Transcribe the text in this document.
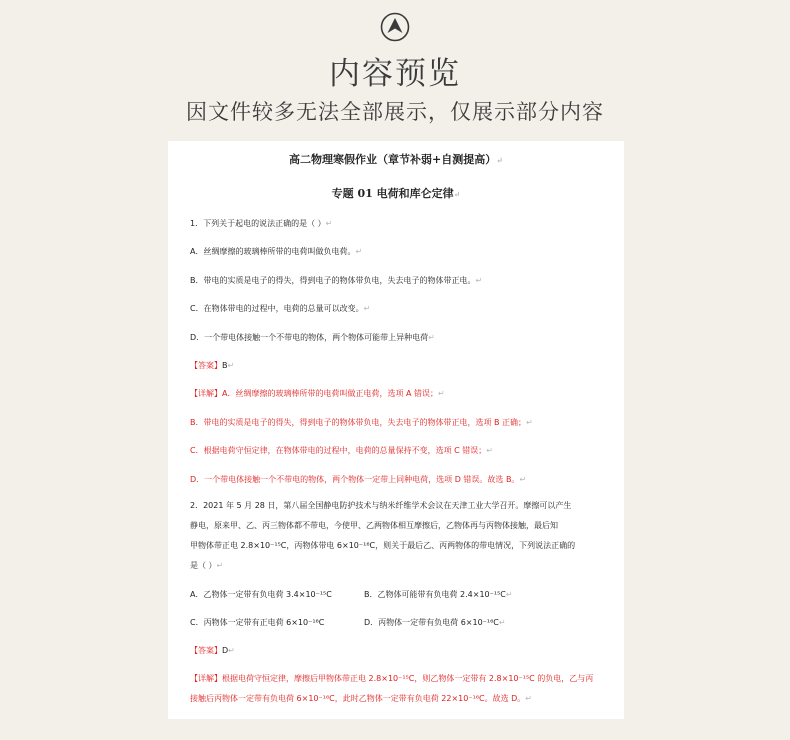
内容预览
因文件较多无法全部展示，仅展示部分内容
高二物理寒假作业（章节补弱+自测提高）↵
专题 01 电荷和库仑定律↵
1．下列关于起电的说法正确的是（ ）↵
A．丝绸摩擦的玻璃棒所带的电荷叫做负电荷。↵
B．带电的实质是电子的得失，得到电子的物体带负电，失去电子的物体带正电。↵
C．在物体带电的过程中，电荷的总量可以改变。↵
D．一个带电体接触一个不带电的物体，两个物体可能带上异种电荷↵
【答案】B↵
【详解】A．丝绸摩擦的玻璃棒所带的电荷叫做正电荷，选项 A 错误；↵
B．带电的实质是电子的得失，得到电子的物体带负电，失去电子的物体带正电，选项 B 正确；↵
C．根据电荷守恒定律，在物体带电的过程中，电荷的总量保持不变，选项 C 错误；↵
D．一个带电体接触一个不带电的物体，两个物体一定带上同种电荷，选项 D 错误。故选 B。↵
2．2021 年 5 月 28 日，第八届全国静电防护技术与纳米纤维学术会议在天津工业大学召开。摩擦可以产生
静电，原来甲、乙、丙三物体都不带电，今使甲、乙两物体相互摩擦后，乙物体再与丙物体接触，最后知
甲物体带正电 2.8×10⁻¹⁵C，丙物体带电 6×10⁻¹⁶C，则关于最后乙、丙两物体的带电情况，下列说法正确的
是（ ）↵
A．乙物体一定带有负电荷 3.4×10⁻¹⁵C	B．乙物体可能带有负电荷 2.4×10⁻¹⁵C↵
C．丙物体一定带有正电荷 6×10⁻¹⁶C	D．丙物体一定带有负电荷 6×10⁻¹⁶C↵
【答案】D↵
【详解】根据电荷守恒定律，摩擦后甲物体带正电 2.8×10⁻¹⁵C，则乙物体一定带有 2.8×10⁻¹⁵C 的负电，乙与丙
接触后丙物体一定带有负电荷 6×10⁻¹⁶C，此时乙物体一定带有负电荷 22×10⁻¹⁶C。故选 D。↵
